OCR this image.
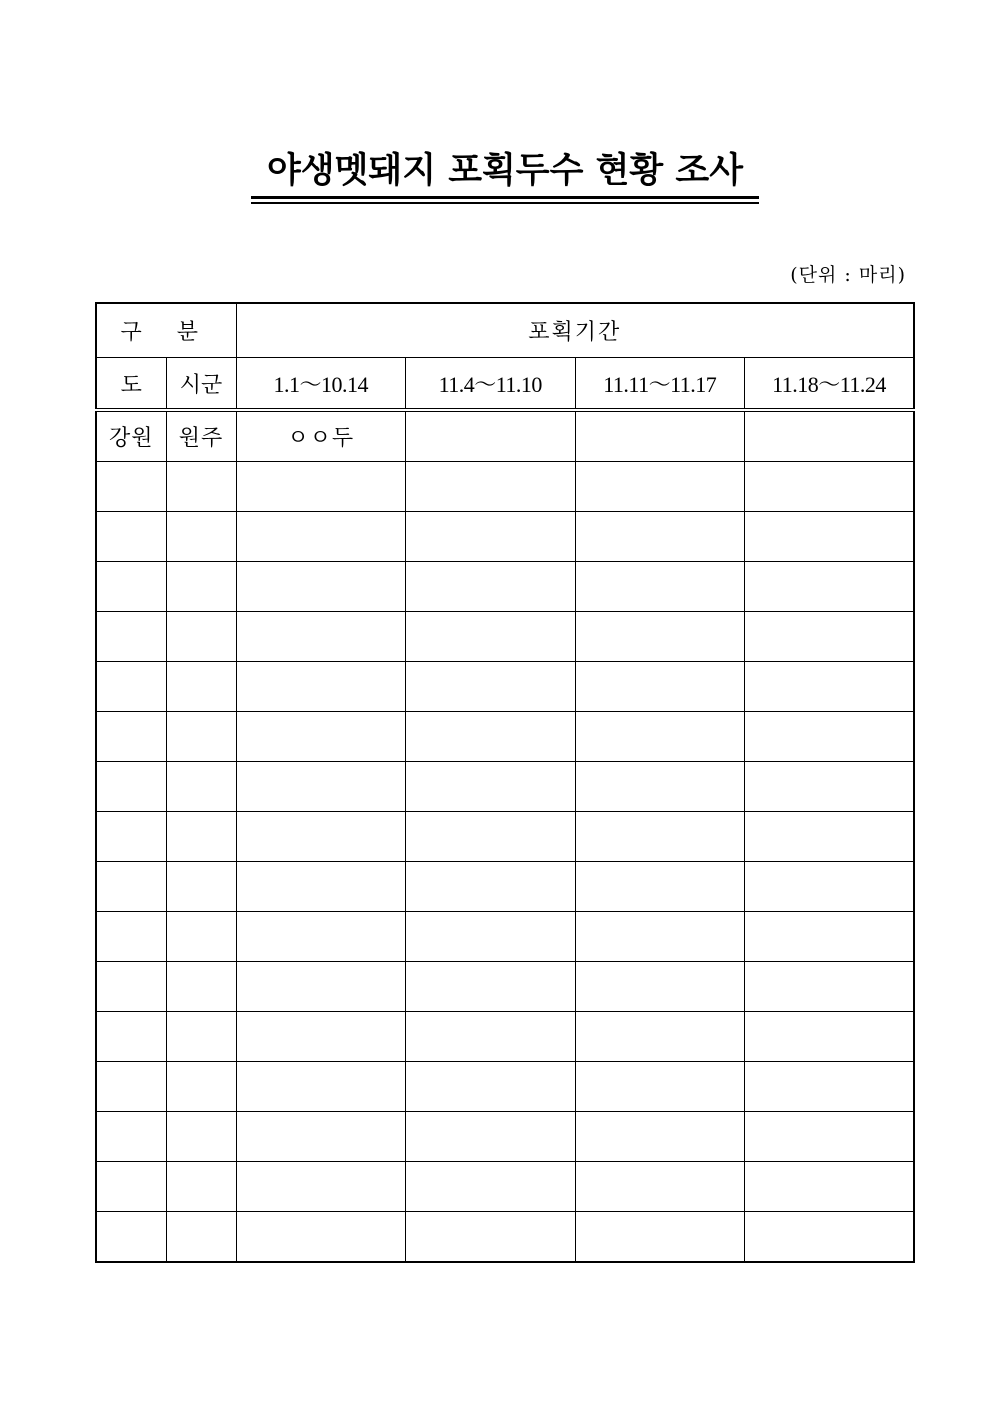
야생멧돼지 포획두수 현황 조사
(단위 : 마리)
구 분		포획기간			
도	시군	1.1～10.14	11.4～11.10	11.11～11.17	11.18～11.24
강원	원주	ㅇㅇ두			
